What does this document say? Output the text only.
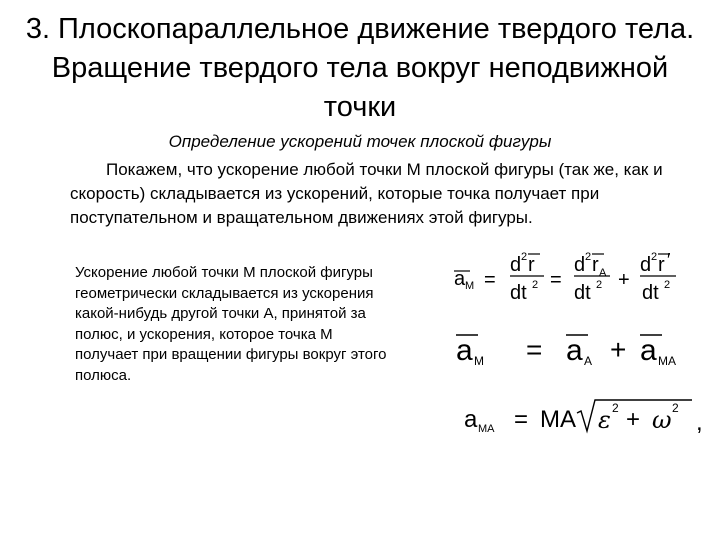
3. Плоскопараллельное движение твердого тела. Вращение твердого тела вокруг неподвижной точки
Определение ускорений точек плоской фигуры
Покажем, что ускорение любой точки М плоской фигуры (так же, как и скорость) складывается из ускорений, которые точка получает при поступательном и вращательном движениях этой фигуры.
Ускорение любой точки М плоской фигуры геометрически складывается из ускорения какой-нибудь другой точки А, принятой за полюс, и ускорения, которое точка М получает при вращении фигуры вокруг этого полюса.
a M =
d 2 r
dt 2 =
d 2 r A
dt 2 +
d 2 r ′
dt 2
a M = a A + a MA
a MA = MA ε 2 + ω 2
,
